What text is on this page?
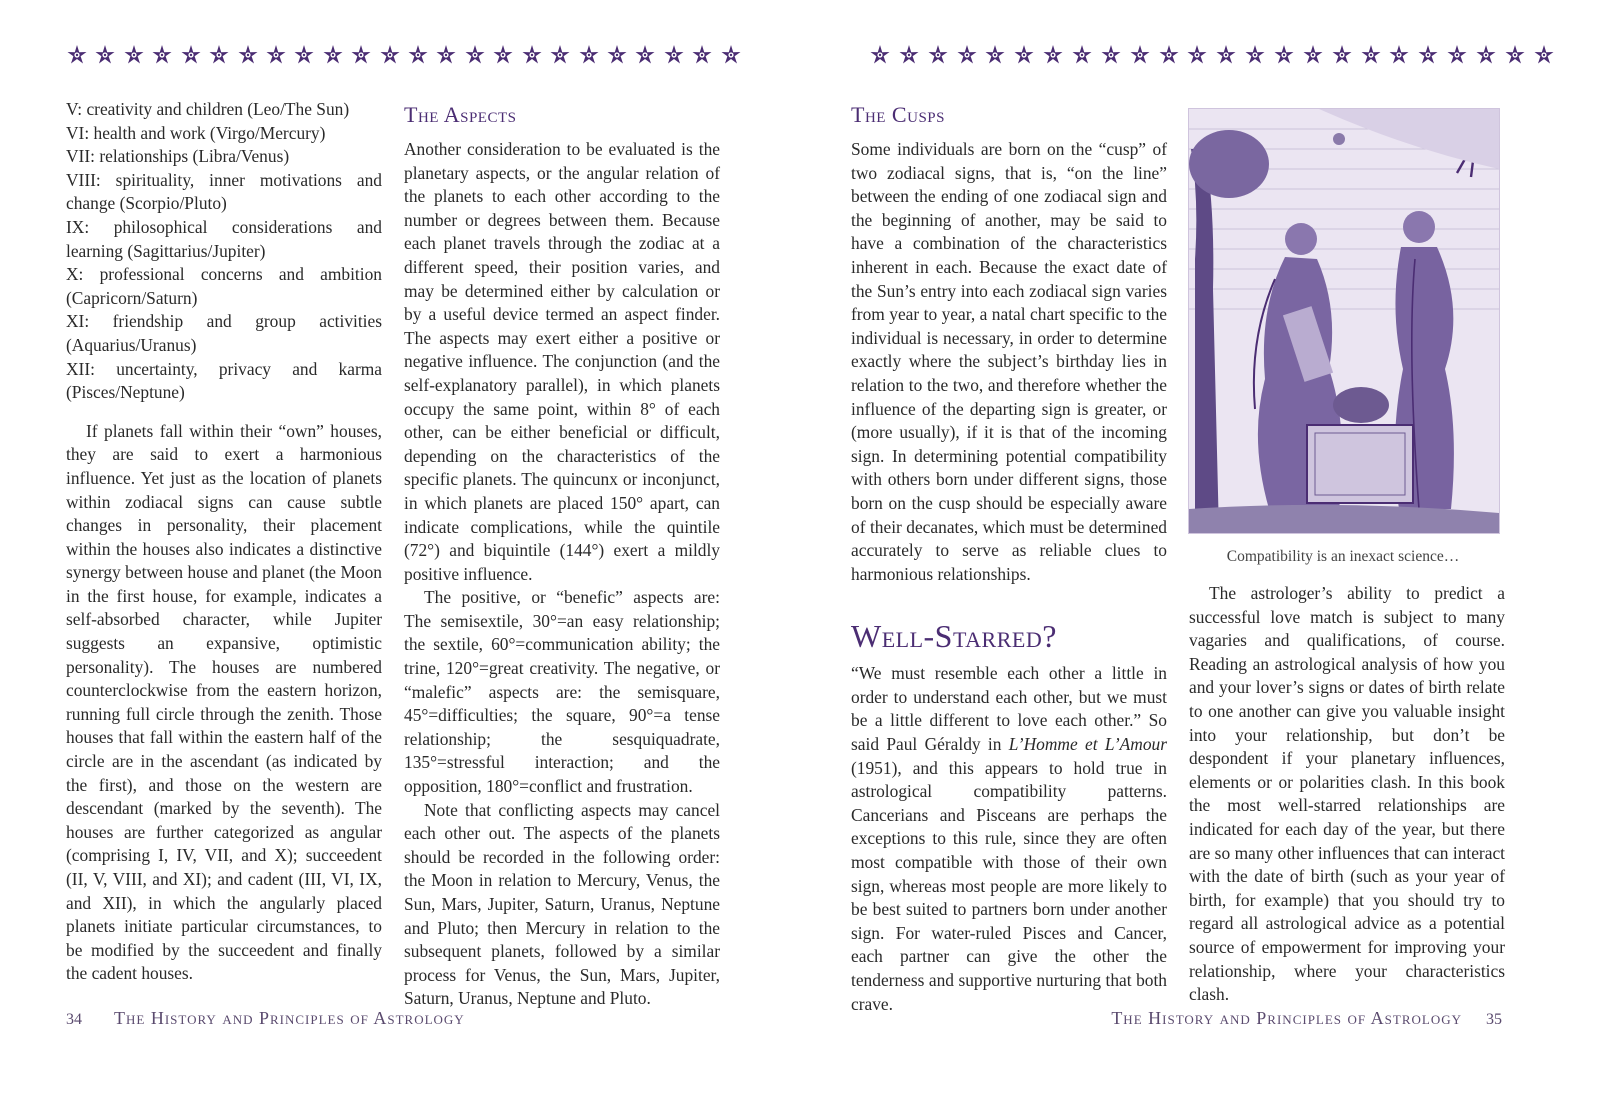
V: creativity and children (Leo/The Sun)
VI: health and work (Virgo/Mercury)
VII: relationships (Libra/Venus)
VIII: spirituality, inner motivations and change (Scorpio/Pluto)
IX: philosophical considerations and learning (Sagittarius/Jupiter)
X: professional concerns and ambition (Capricorn/Saturn)
XI: friendship and group activities (Aquarius/Uranus)
XII: uncertainty, privacy and karma (Pisces/Neptune)

If planets fall within their “own” houses, they are said to exert a harmonious influence. Yet just as the location of planets within zodiacal signs can cause subtle changes in personality, their placement within the houses also indicates a distinctive synergy between house and planet (the Moon in the first house, for example, indicates a self-absorbed character, while Jupiter suggests an expansive, optimistic personality). The houses are numbered counterclockwise from the eastern horizon, running full circle through the zenith. Those houses that fall within the eastern half of the circle are in the ascendant (as indicated by the first), and those on the western are descendant (marked by the seventh). The houses are further categorized as angular (comprising I, IV, VII, and X); succeedent (II, V, VIII, and XI); and cadent (III, VI, IX, and XII), in which the angularly placed planets initiate particular circumstances, to be modified by the succeedent and finally the cadent houses.

The Aspects

Another consideration to be evaluated is the planetary aspects, or the angular relation of the planets to each other according to the number or degrees between them. Because each planet travels through the zodiac at a different speed, their position varies, and may be determined either by calculation or by a useful device termed an aspect finder. The aspects may exert either a positive or negative influence. The conjunction (and the self-explanatory parallel), in which planets occupy the same point, within 8° of each other, can be either beneficial or difficult, depending on the characteristics of the specific planets. The quincunx or inconjunct, in which planets are placed 150° apart, can indicate complications, while the quintile (72°) and biquintile (144°) exert a mildly positive influence.

The positive, or “benefic” aspects are: The semisextile, 30°=an easy relationship; the sextile, 60°=communication ability; the trine, 120°=great creativity. The negative, or “malefic” aspects are: the semisquare, 45°=difficulties; the square, 90°=a tense relationship; the sesquiquadrate, 135°=stressful interaction; and the opposition, 180°=conflict and frustration.

Note that conflicting aspects may cancel each other out. The aspects of the planets should be recorded in the following order: the Moon in relation to Mercury, Venus, the Sun, Mars, Jupiter, Saturn, Uranus, Neptune and Pluto; then Mercury in relation to the subsequent planets, followed by a similar process for Venus, the Sun, Mars, Jupiter, Saturn, Uranus, Neptune and Pluto.

34 The History and Principles of Astrology
The Cusps

Some individuals are born on the “cusp” of two zodiacal signs, that is, “on the line” between the ending of one zodiacal sign and the beginning of another, may be said to have a combination of the characteristics inherent in each. Because the exact date of the Sun’s entry into each zodiacal sign varies from year to year, a natal chart specific to the individual is necessary, in order to determine exactly where the subject’s birthday lies in relation to the two, and therefore whether the influence of the departing sign is greater, or (more usually), if it is that of the incoming sign. In determining potential compatibility with others born under different signs, those born on the cusp should be especially aware of their decanates, which must be determined accurately to serve as reliable clues to harmonious relationships.

Well-Starred?

“We must resemble each other a little in order to understand each other, but we must be a little different to love each other.” So said Paul Géraldy in L’Homme et L’Amour (1951), and this appears to hold true in astrological compatibility patterns. Cancerians and Pisceans are perhaps the exceptions to this rule, since they are often most compatible with those of their own sign, whereas most people are more likely to be best suited to partners born under another sign. For water-ruled Pisces and Cancer, each partner can give the other the tenderness and supportive nurturing that both crave.

Compatibility is an inexact science…

The astrologer’s ability to predict a successful love match is subject to many vagaries and qualifications, of course. Reading an astrological analysis of how you and your lover’s signs or dates of birth relate to one another can give you valuable insight into your relationship, but don’t be despondent if your planetary influences, elements or or polarities clash. In this book the most well-starred relationships are indicated for each day of the year, but there are so many other influences that can interact with the date of birth (such as your year of birth, for example) that you should try to regard all astrological advice as a potential source of empowerment for improving your relationship, where your characteristics clash.

The History and Principles of Astrology 35
